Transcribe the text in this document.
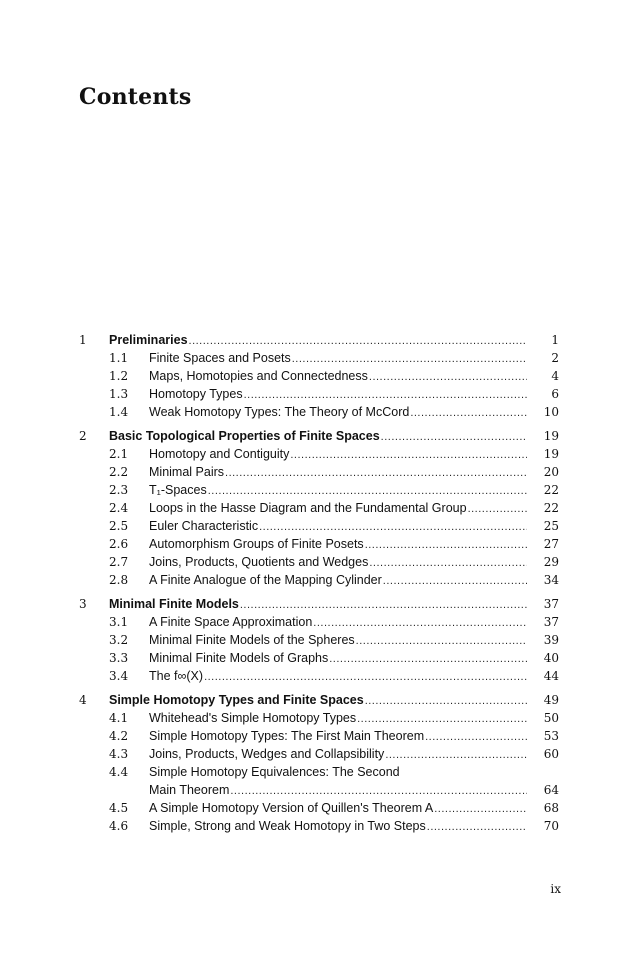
Contents
1 Preliminaries .....	1
1.1 Finite Spaces and Posets .....	2
1.2 Maps, Homotopies and Connectedness .....	4
1.3 Homotopy Types .....	6
1.4 Weak Homotopy Types: The Theory of McCord .....	10
2 Basic Topological Properties of Finite Spaces .....	19
2.1 Homotopy and Contiguity .....	19
2.2 Minimal Pairs .....	20
2.3 T₁-Spaces .....	22
2.4 Loops in the Hasse Diagram and the Fundamental Group .....	22
2.5 Euler Characteristic .....	25
2.6 Automorphism Groups of Finite Posets .....	27
2.7 Joins, Products, Quotients and Wedges .....	29
2.8 A Finite Analogue of the Mapping Cylinder .....	34
3 Minimal Finite Models .....	37
3.1 A Finite Space Approximation .....	37
3.2 Minimal Finite Models of the Spheres .....	39
3.3 Minimal Finite Models of Graphs .....	40
3.4 The f∞(X) .....	44
4 Simple Homotopy Types and Finite Spaces .....	49
4.1 Whitehead's Simple Homotopy Types .....	50
4.2 Simple Homotopy Types: The First Main Theorem .....	53
4.3 Joins, Products, Wedges and Collapsibility .....	60
4.4 Simple Homotopy Equivalences: The Second
Main Theorem .....	64
4.5 A Simple Homotopy Version of Quillen's Theorem A .....	68
4.6 Simple, Strong and Weak Homotopy in Two Steps .....	70
ix
